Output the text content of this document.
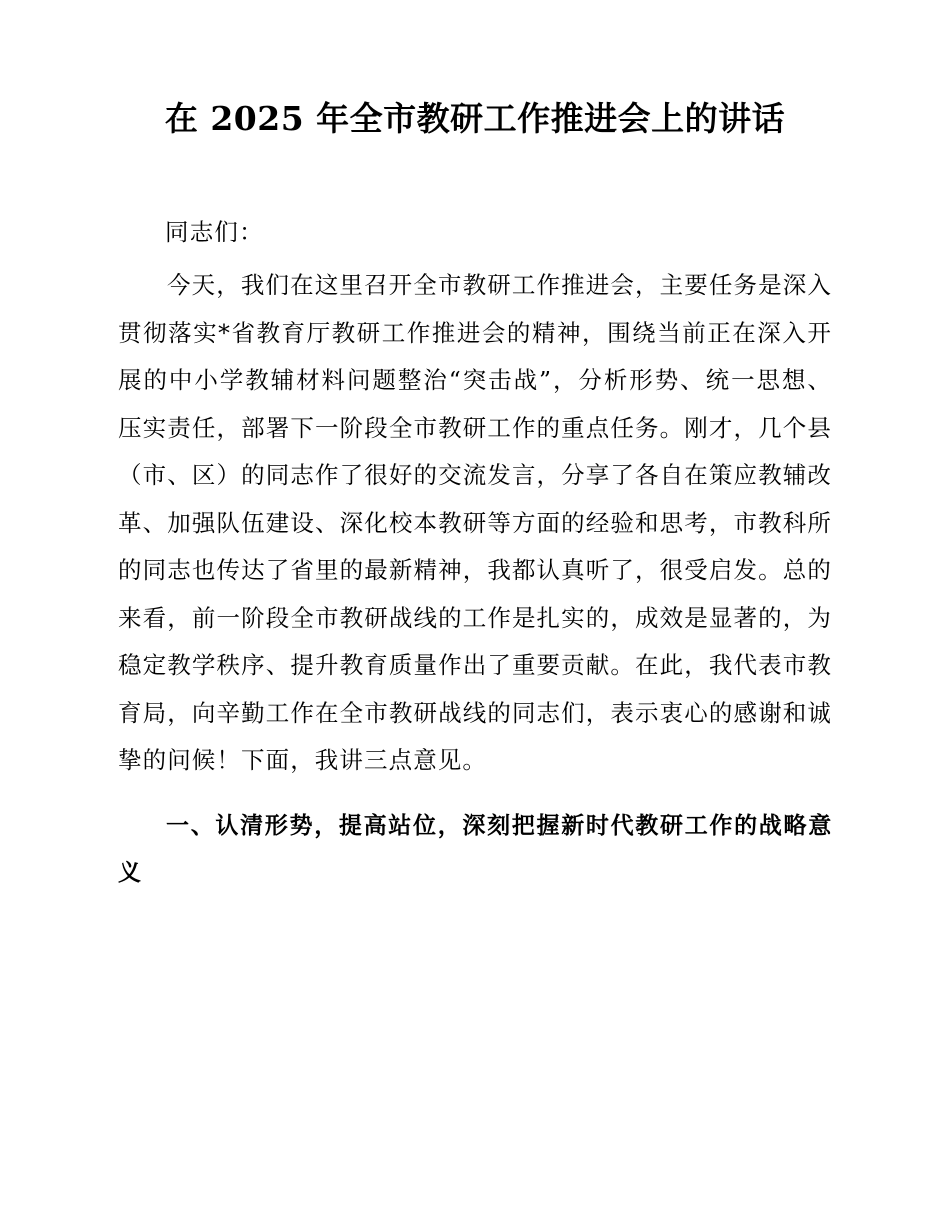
在 2025 年全市教研工作推进会上的讲话

同志们：

今天，我们在这里召开全市教研工作推进会，主要任务是深入贯彻落实*省教育厅教研工作推进会的精神，围绕当前正在深入开展的中小学教辅材料问题整治“突击战”，分析形势、统一思想、压实责任，部署下一阶段全市教研工作的重点任务。刚才，几个县（市、区）的同志作了很好的交流发言，分享了各自在策应教辅改革、加强队伍建设、深化校本教研等方面的经验和思考，市教科所的同志也传达了省里的最新精神，我都认真听了，很受启发。总的来看，前一阶段全市教研战线的工作是扎实的，成效是显著的，为稳定教学秩序、提升教育质量作出了重要贡献。在此，我代表市教育局，向辛勤工作在全市教研战线的同志们，表示衷心的感谢和诚挚的问候！下面，我讲三点意见。

一、认清形势，提高站位，深刻把握新时代教研工作的战略意义
